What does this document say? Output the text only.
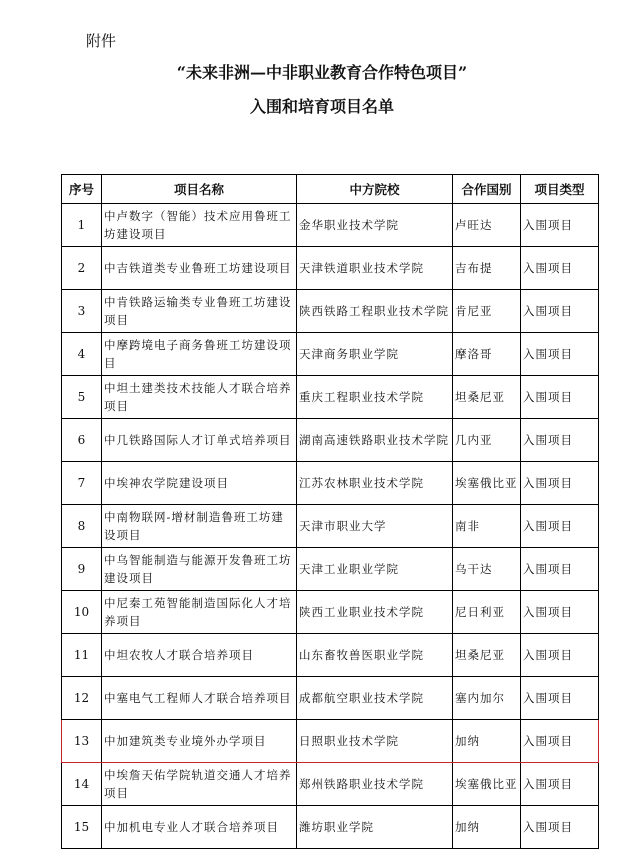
附件
“未来非洲—中非职业教育合作特色项目”
入围和培育项目名单
序号	项目名称	中方院校	合作国别	项目类型
1	中卢数字（智能）技术应用鲁班工坊建设项目	金华职业技术学院	卢旺达	入围项目
2	中吉铁道类专业鲁班工坊建设项目	天津铁道职业技术学院	吉布提	入围项目
3	中肯铁路运输类专业鲁班工坊建设项目	陕西铁路工程职业技术学院	肯尼亚	入围项目
4	中摩跨境电子商务鲁班工坊建设项目	天津商务职业学院	摩洛哥	入围项目
5	中坦土建类技术技能人才联合培养项目	重庆工程职业技术学院	坦桑尼亚	入围项目
6	中几铁路国际人才订单式培养项目	湖南高速铁路职业技术学院	几内亚	入围项目
7	中埃神农学院建设项目	江苏农林职业技术学院	埃塞俄比亚	入围项目
8	中南物联网-增材制造鲁班工坊建设项目	天津市职业大学	南非	入围项目
9	中乌智能制造与能源开发鲁班工坊建设项目	天津工业职业学院	乌干达	入围项目
10	中尼秦工苑智能制造国际化人才培养项目	陕西工业职业技术学院	尼日利亚	入围项目
11	中坦农牧人才联合培养项目	山东畜牧兽医职业学院	坦桑尼亚	入围项目
12	中塞电气工程师人才联合培养项目	成都航空职业技术学院	塞内加尔	入围项目
13	中加建筑类专业境外办学项目	日照职业技术学院	加纳	入围项目
14	中埃詹天佑学院轨道交通人才培养项目	郑州铁路职业技术学院	埃塞俄比亚	入围项目
15	中加机电专业人才联合培养项目	潍坊职业学院	加纳	入围项目
